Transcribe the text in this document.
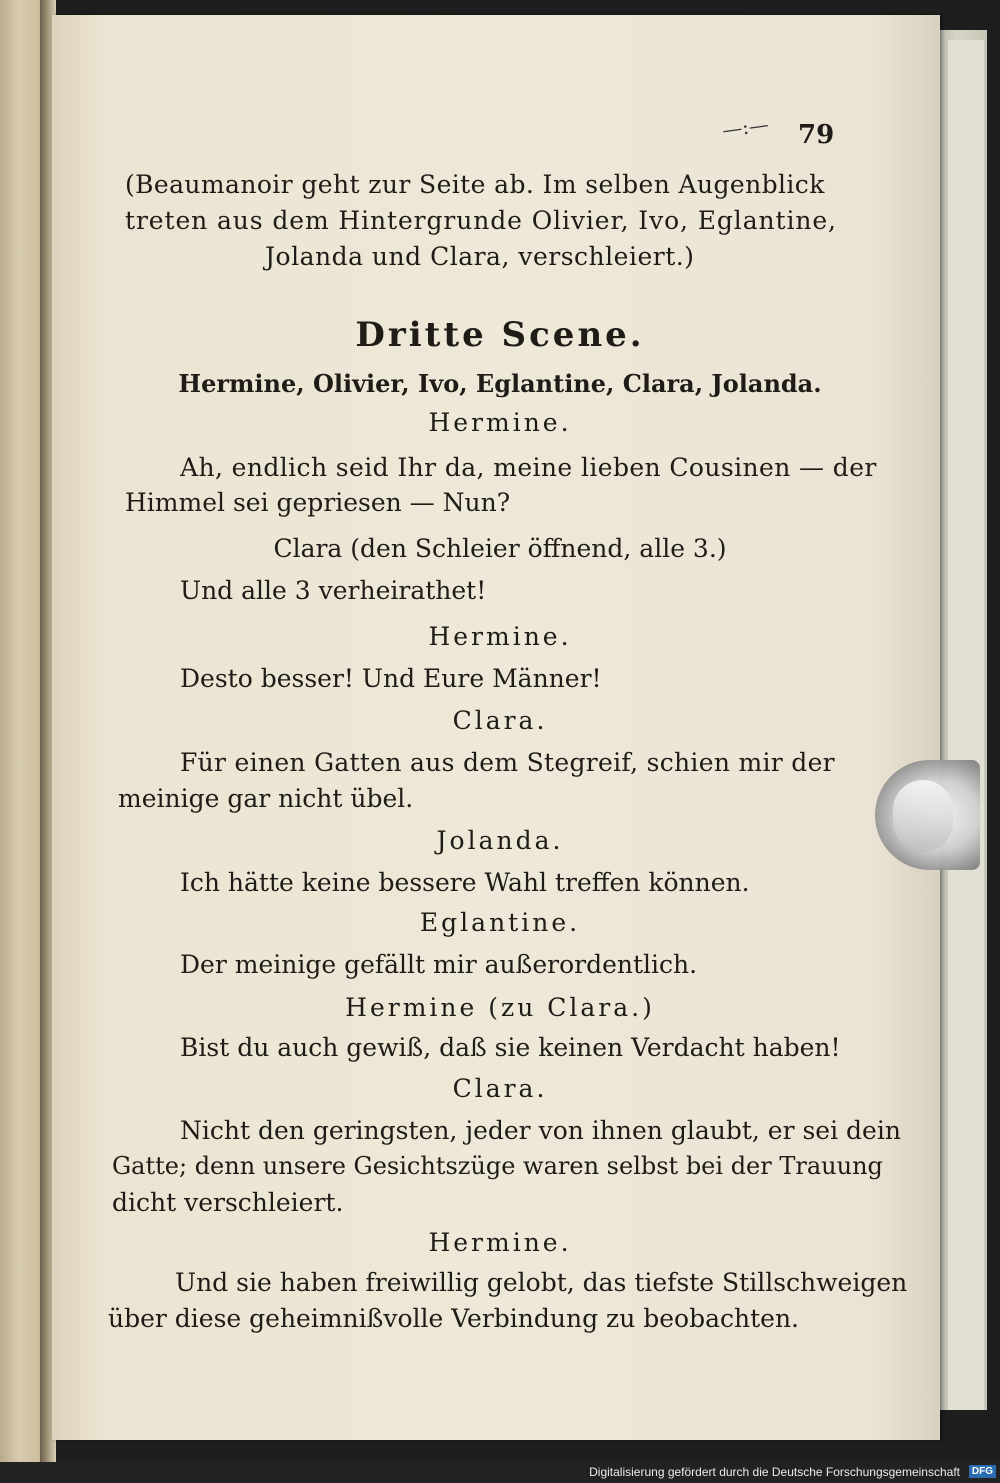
—:— 79
(Beaumanoir geht zur Seite ab. Im selben Augenblick
treten aus dem Hintergrunde Olivier, Ivo, Eglantine,
Jolanda und Clara, verschleiert.)
Dritte Scene.
Hermine, Olivier, Ivo, Eglantine, Clara, Jolanda.
Hermine.
Ah, endlich seid Ihr da, meine lieben Cousinen — der
Himmel sei gepriesen — Nun?
Clara (den Schleier öffnend, alle 3.)
Und alle 3 verheirathet!
Hermine.
Desto besser! Und Eure Männer!
Clara.
Für einen Gatten aus dem Stegreif, schien mir der
meinige gar nicht übel.
Jolanda.
Ich hätte keine bessere Wahl treffen können.
Eglantine.
Der meinige gefällt mir außerordentlich.
Hermine (zu Clara.)
Bist du auch gewiß, daß sie keinen Verdacht haben!
Clara.
Nicht den geringsten, jeder von ihnen glaubt, er sei dein
Gatte; denn unsere Gesichtszüge waren selbst bei der Trauung
dicht verschleiert.
Hermine.
Und sie haben freiwillig gelobt, das tiefste Stillschweigen
über diese geheimnißvolle Verbindung zu beobachten.
Digitalisierung gefördert durch die Deutsche Forschungsgemeinschaft	DFG
